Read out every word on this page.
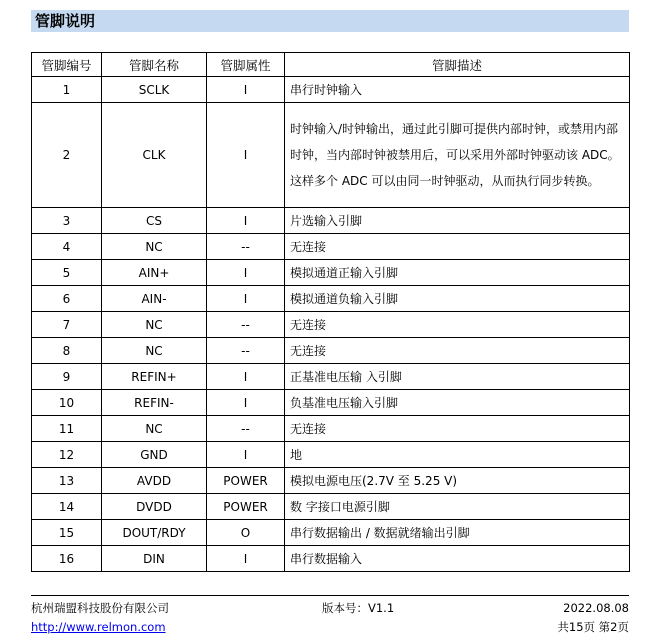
管脚说明
管脚编号	管脚名称	管脚属性	管脚描述
1	SCLK	I	串行时钟输入
2	CLK	I	时钟输入/时钟输出，通过此引脚可提供内部时钟，或禁用内部时钟，当内部时钟被禁用后，可以采用外部时钟驱动该 ADC。这样多个 ADC 可以由同一时钟驱动，从而执行同步转换。
3	CS	I	片选输入引脚
4	NC	--	无连接
5	AIN+	I	模拟通道正输入引脚
6	AIN-	I	模拟通道负输入引脚
7	NC	--	无连接
8	NC	--	无连接
9	REFIN+	I	正基准电压输 入引脚
10	REFIN-	I	负基准电压输入引脚
11	NC	--	无连接
12	GND	I	地
13	AVDD	POWER	模拟电源电压(2.7V 至 5.25 V)
14	DVDD	POWER	数 字接口电源引脚
15	DOUT/RDY	O	串行数据输出 / 数据就绪输出引脚
16	DIN	I	串行数据输入
杭州瑞盟科技股份有限公司	版本号：V1.1	2022.08.08
http://www.relmon.com	共15页 第2页
